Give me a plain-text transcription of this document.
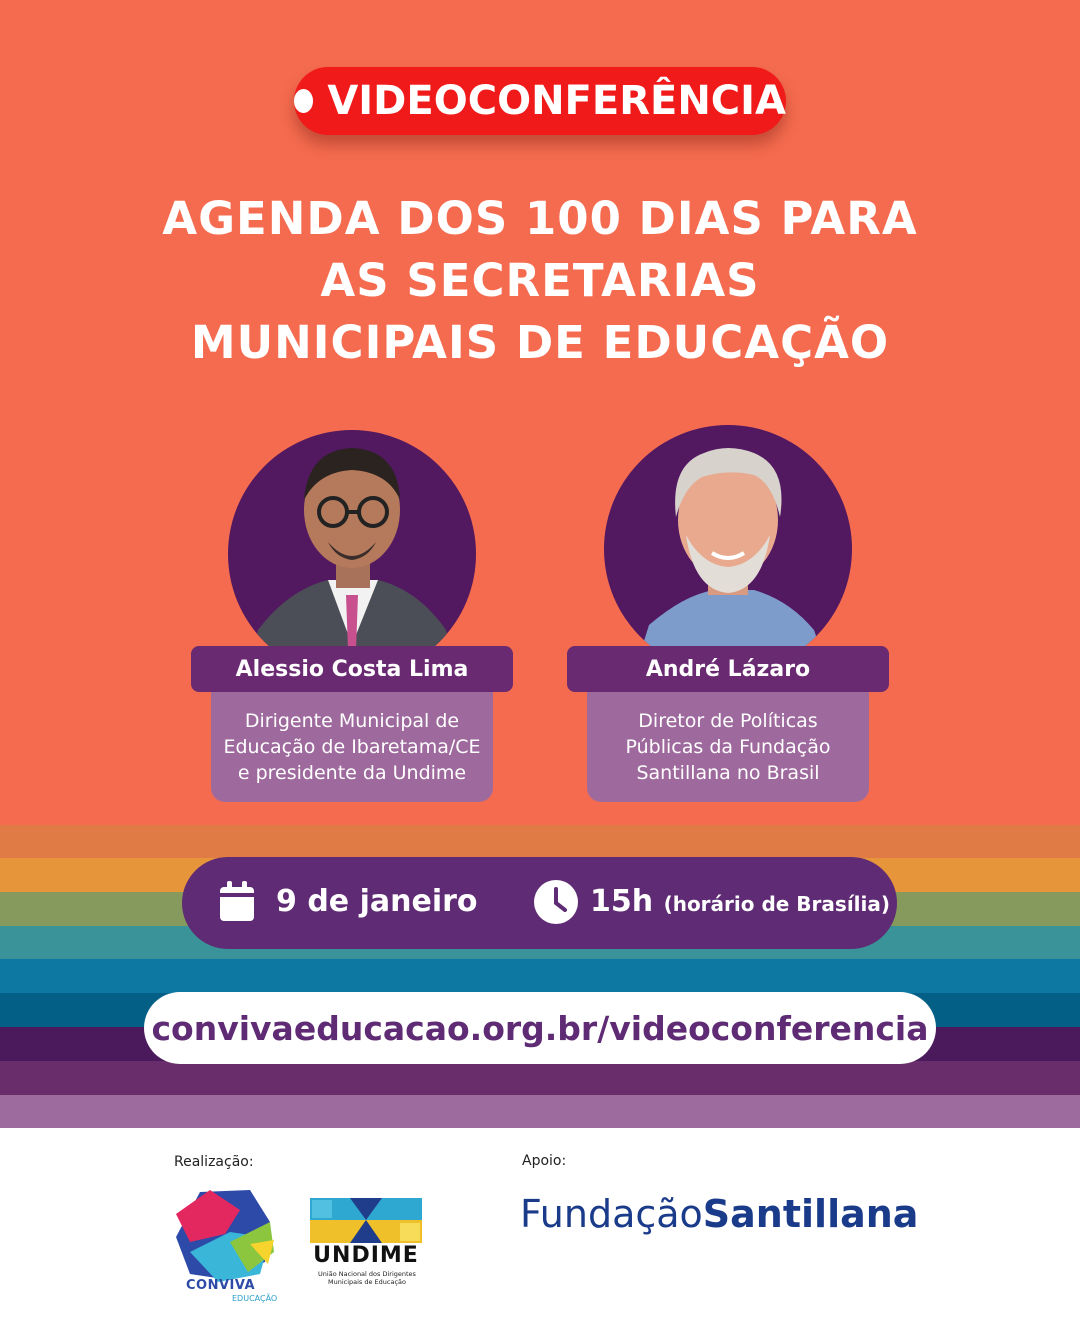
VIDEOCONFERÊNCIA
AGENDA DOS 100 DIAS PARA
AS SECRETARIAS
MUNICIPAIS DE EDUCAÇÃO
Alessio Costa Lima	André Lázaro
Dirigente Municipal de
Educação de Ibaretama/CE
e presidente da Undime
Diretor de Políticas
Públicas da Fundação
Santillana no Brasil
9 de janeiro	15h (horário de Brasília)
convivaeducacao.org.br/videoconferencia
Realização:	Apoio:
CONVIVA
EDUCAÇÃO
UNDIME
União Nacional dos Dirigentes
Municipais de Educação
FundaçãoSantillana
